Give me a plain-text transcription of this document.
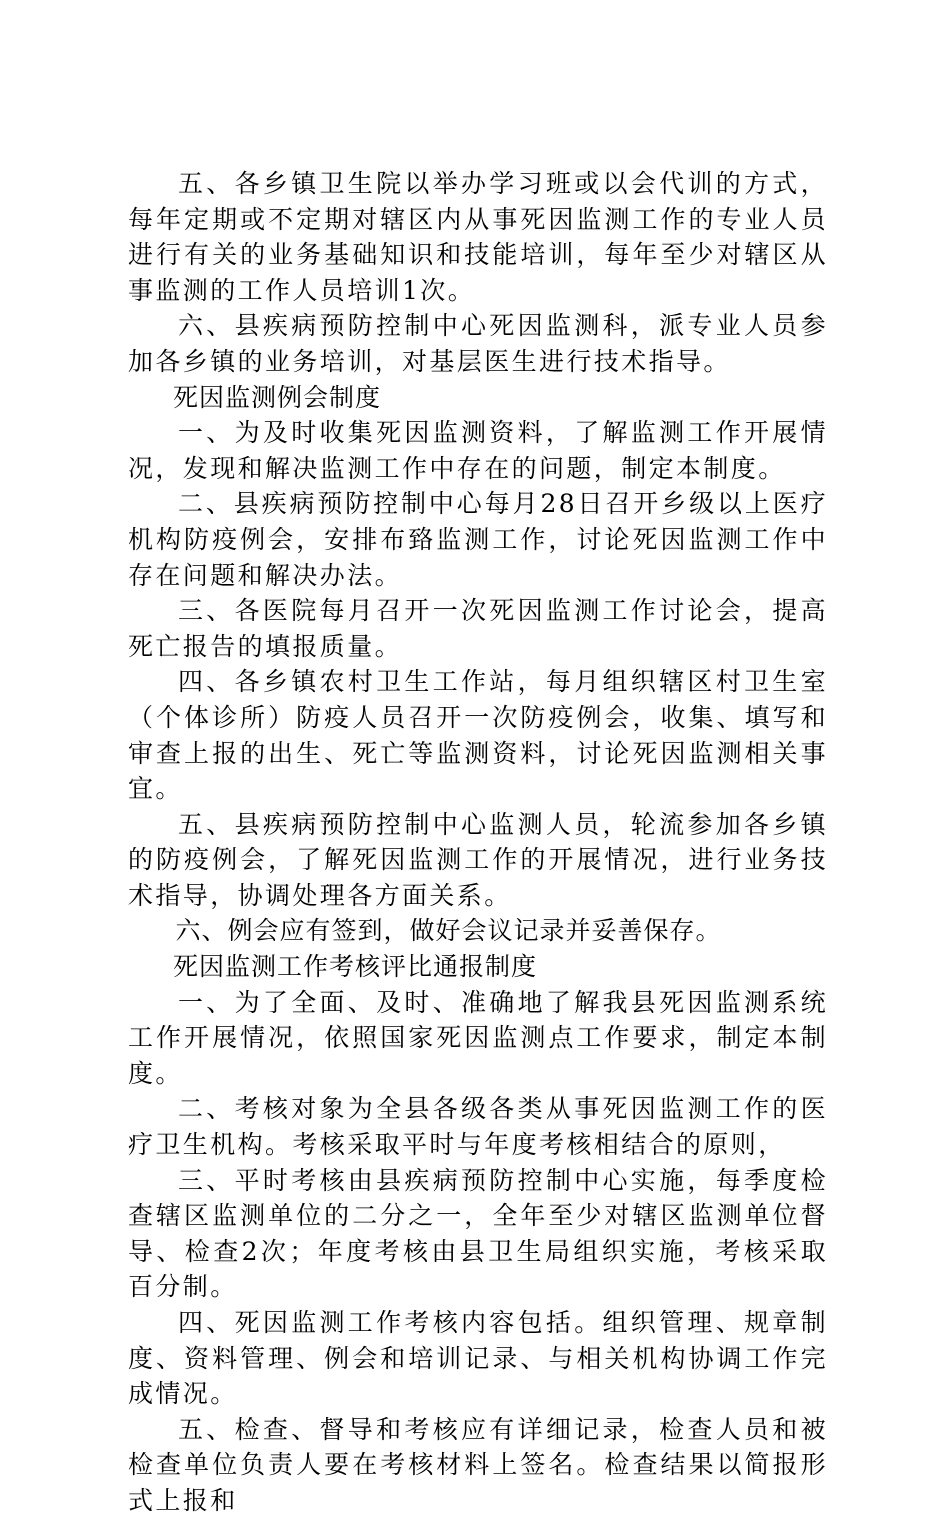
五、各乡镇卫生院以举办学习班或以会代训的方式，每年定期或不定期对辖区内从事死因监测工作的专业人员进行有关的业务基础知识和技能培训，每年至少对辖区从事监测的工作人员培训1次。

六、县疾病预防控制中心死因监测科，派专业人员参加各乡镇的业务培训，对基层医生进行技术指导。

死因监测例会制度

一、为及时收集死因监测资料，了解监测工作开展情况，发现和解决监测工作中存在的问题，制定本制度。

二、县疾病预防控制中心每月28日召开乡级以上医疗机构防疫例会，安排布臵监测工作，讨论死因监测工作中存在问题和解决办法。

三、各医院每月召开一次死因监测工作讨论会，提高死亡报告的填报质量。

四、各乡镇农村卫生工作站，每月组织辖区村卫生室（个体诊所）防疫人员召开一次防疫例会，收集、填写和审查上报的出生、死亡等监测资料，讨论死因监测相关事宜。

五、县疾病预防控制中心监测人员，轮流参加各乡镇的防疫例会，了解死因监测工作的开展情况，进行业务技术指导，协调处理各方面关系。

六、例会应有签到，做好会议记录并妥善保存。

死因监测工作考核评比通报制度

一、为了全面、及时、准确地了解我县死因监测系统工作开展情况，依照国家死因监测点工作要求，制定本制度。

二、考核对象为全县各级各类从事死因监测工作的医疗卫生机构。考核采取平时与年度考核相结合的原则，

三、平时考核由县疾病预防控制中心实施，每季度检查辖区监测单位的二分之一，全年至少对辖区监测单位督导、检查2次；年度考核由县卫生局组织实施，考核采取百分制。

四、死因监测工作考核内容包括。组织管理、规章制度、资料管理、例会和培训记录、与相关机构协调工作完成情况。

五、检查、督导和考核应有详细记录，检查人员和被检查单位负责人要在考核材料上签名。检查结果以简报形式上报和
